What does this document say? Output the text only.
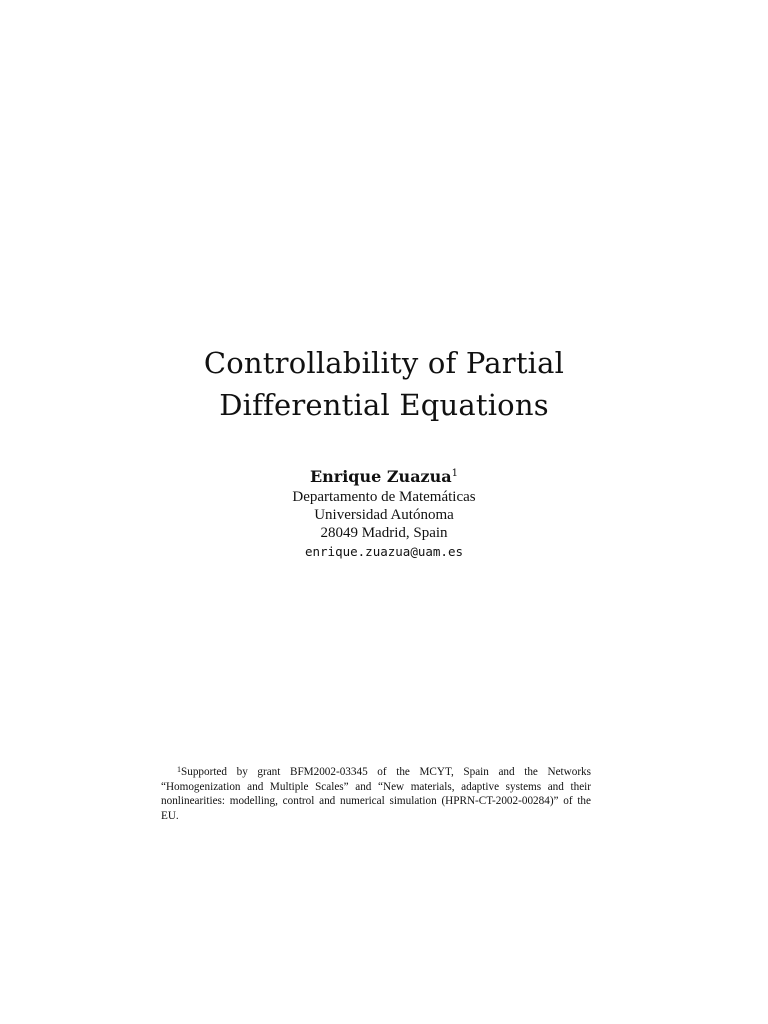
Controllability of Partial
Differential Equations
Enrique Zuazua$^1$
Departamento de Matemáticas
Universidad Autónoma
28049 Madrid, Spain
enrique.zuazua@uam.es
$^1$Supported by grant BFM2002-03345 of the MCYT, Spain and the Networks “Homogenization and Multiple Scales” and “New materials, adaptive systems and their nonlinearities: modelling, control and numerical simulation (HPRN-CT-2002-00284)” of the EU.
